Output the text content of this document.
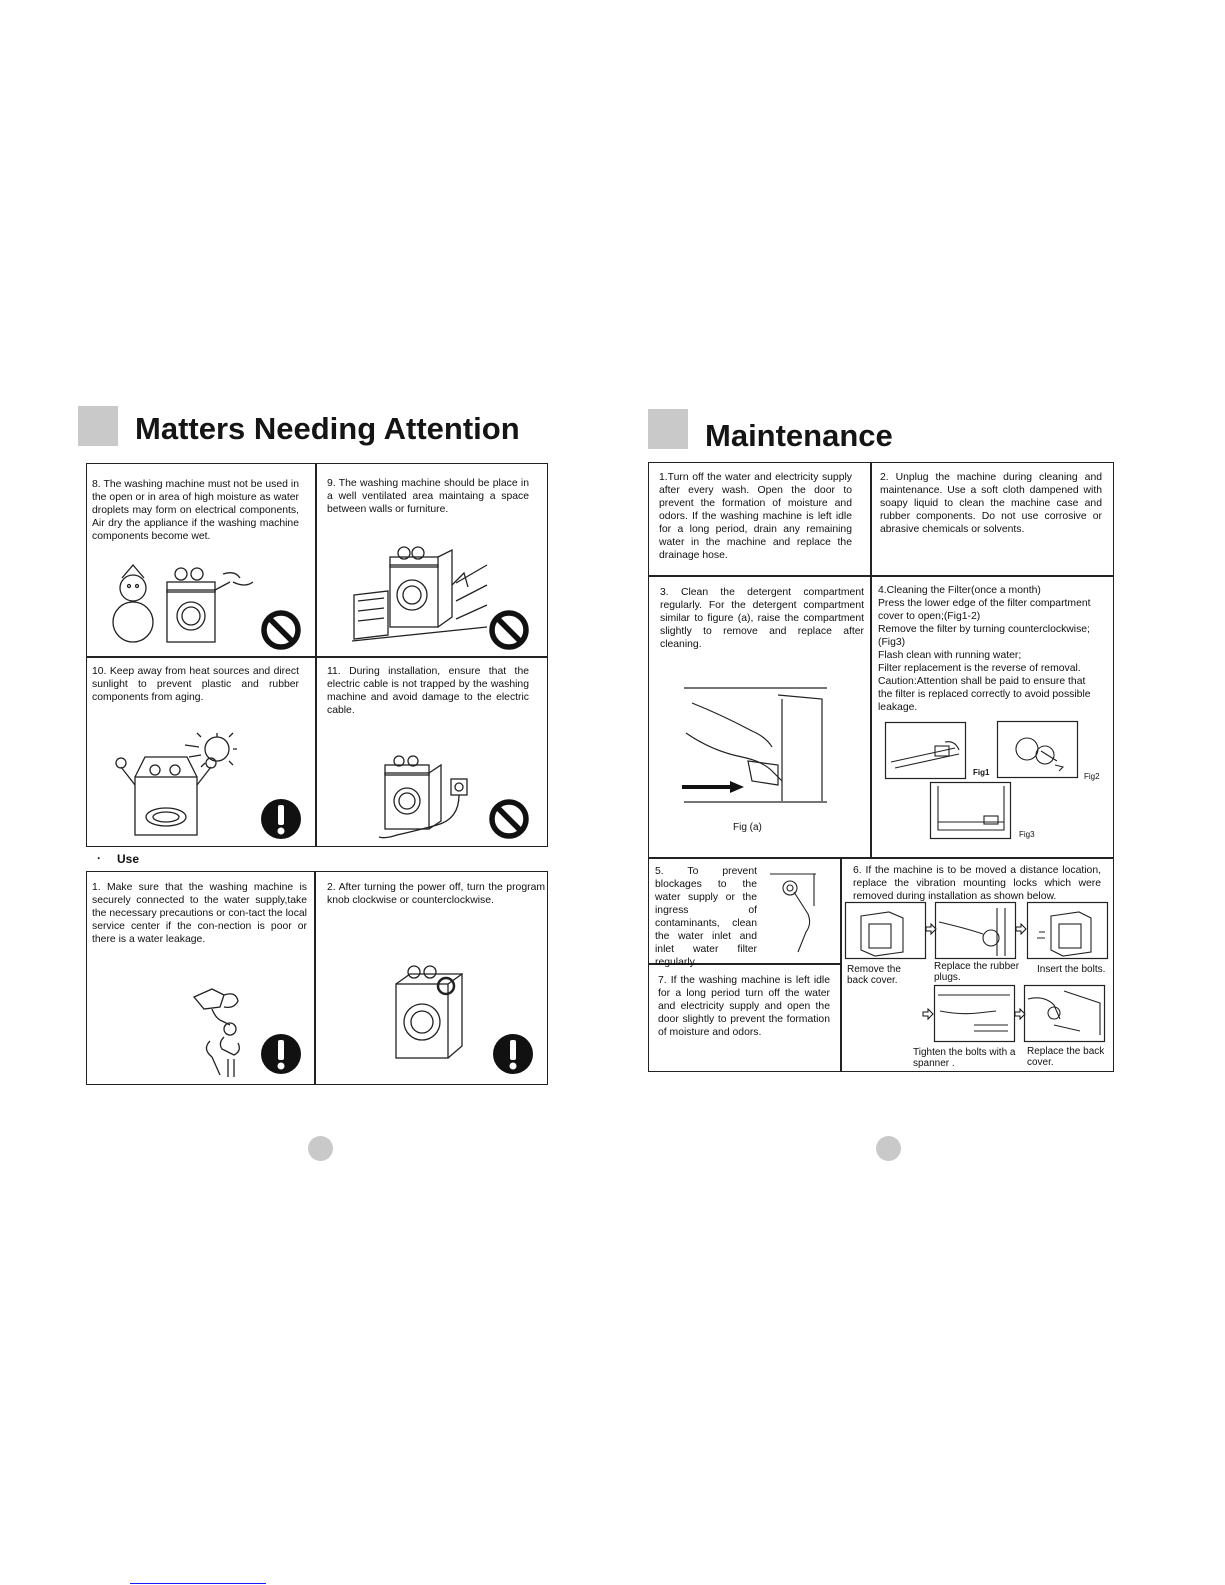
Matters Needing Attention
8. The washing machine must not be used in the open or in area of high moisture as water droplets may form on electrical components, Air dry the appliance if the washing machine components become wet.
9. The washing machine should be place in a well ventilated area maintaing a space between walls or furniture.
10. Keep away from heat sources and direct sunlight to prevent plastic and rubber components from aging.
11. During installation, ensure that the electric cable is not trapped by the washing machine and avoid damage to the electric cable.
· Use
1. Make sure that the washing machine is securely connected to the water supply,take the necessary precautions or con-tact the local service center if the con-nection is poor or there is a water leakage.
2. After turning the power off, turn the program knob clockwise or counterclockwise.
Maintenance
1.Turn off the water and electricity supply after every wash. Open the door to prevent the formation of moisture and odors. If the washing machine is left idle for a long period, drain any remaining water in the machine and replace the drainage hose.
2. Unplug the machine during cleaning and maintenance. Use a soft cloth dampened with soapy liquid to clean the machine case and rubber components. Do not use corrosive or abrasive chemicals or solvents.
3. Clean the detergent compartment regularly. For the detergent compartment similar to figure (a), raise the compartment slightly to remove and replace after cleaning.
4.Cleaning the Filter(once a month)
Press the lower edge of the filter compartment cover to open;(Fig1-2)
Remove the filter by turning counterclockwise;(Fig3)
Flash clean with running water;
Filter replacement is the reverse of removal.
Caution:Attention shall be paid to ensure that the filter is replaced correctly to avoid possible leakage.
Fig (a)
Fig1	Fig2
Fig3
5. To prevent blockages to the water supply or the ingress of contaminants, clean the water inlet and inlet water filter regularly.
7. If the washing machine is left idle for a long period turn off the water and electricity supply and open the door slightly to prevent the formation of moisture and odors.
6. If the machine is to be moved a distance location, replace the vibration mounting locks which were removed during installation as shown below.
Remove the back cover.
Replace the rubber plugs.
Insert the bolts.
Tighten the bolts with a spanner .
Replace the back cover.
